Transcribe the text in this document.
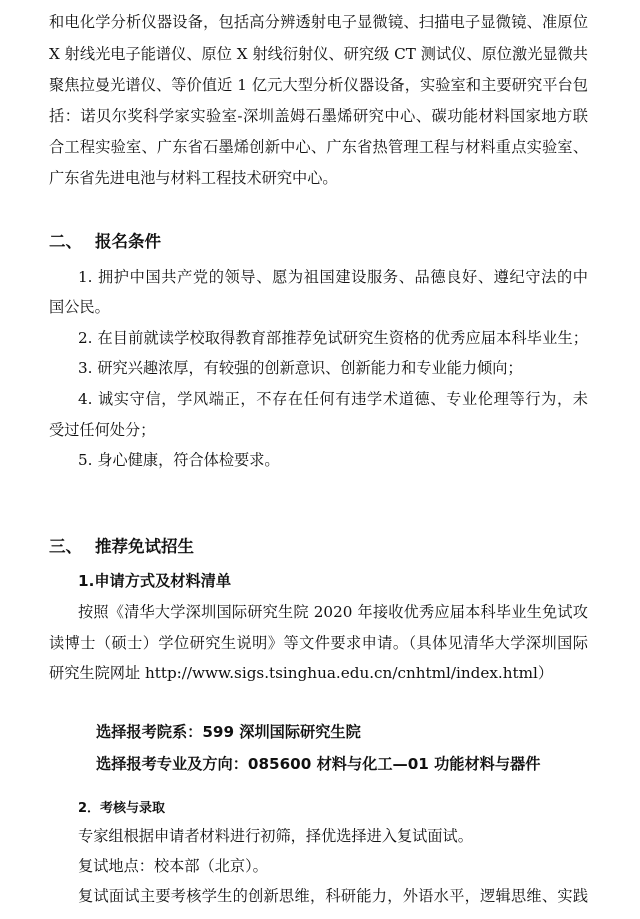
和电化学分析仪器设备，包括高分辨透射电子显微镜、扫描电子显微镜、准原位
X 射线光电子能谱仪、原位 X 射线衍射仪、研究级 CT 测试仪、原位激光显微共
聚焦拉曼光谱仪、等价值近 1 亿元大型分析仪器设备，实验室和主要研究平台包
括：诺贝尔奖科学家实验室-深圳盖姆石墨烯研究中心、碳功能材料国家地方联
合工程实验室、广东省石墨烯创新中心、广东省热管理工程与材料重点实验室、
广东省先进电池与材料工程技术研究中心。
二、 报名条件
1. 拥护中国共产党的领导、愿为祖国建设服务、品德良好、遵纪守法的中
国公民。
2. 在目前就读学校取得教育部推荐免试研究生资格的优秀应届本科毕业生；
3. 研究兴趣浓厚，有较强的创新意识、创新能力和专业能力倾向；
4. 诚实守信，学风端正，不存在任何有违学术道德、专业伦理等行为，未
受过任何处分；
5. 身心健康，符合体检要求。
三、 推荐免试招生
1.申请方式及材料清单
按照《清华大学深圳国际研究生院 2020 年接收优秀应届本科毕业生免试攻
读博士（硕士）学位研究生说明》等文件要求申请。（具体见清华大学深圳国际
研究生院网址 http://www.sigs.tsinghua.edu.cn/cnhtml/index.html）
选择报考院系：599 深圳国际研究生院
选择报考专业及方向：085600 材料与化工—01 功能材料与器件
2．考核与录取
专家组根据申请者材料进行初筛，择优选择进入复试面试。
复试地点：校本部（北京）。
复试面试主要考核学生的创新思维，科研能力，外语水平，逻辑思维、实践
